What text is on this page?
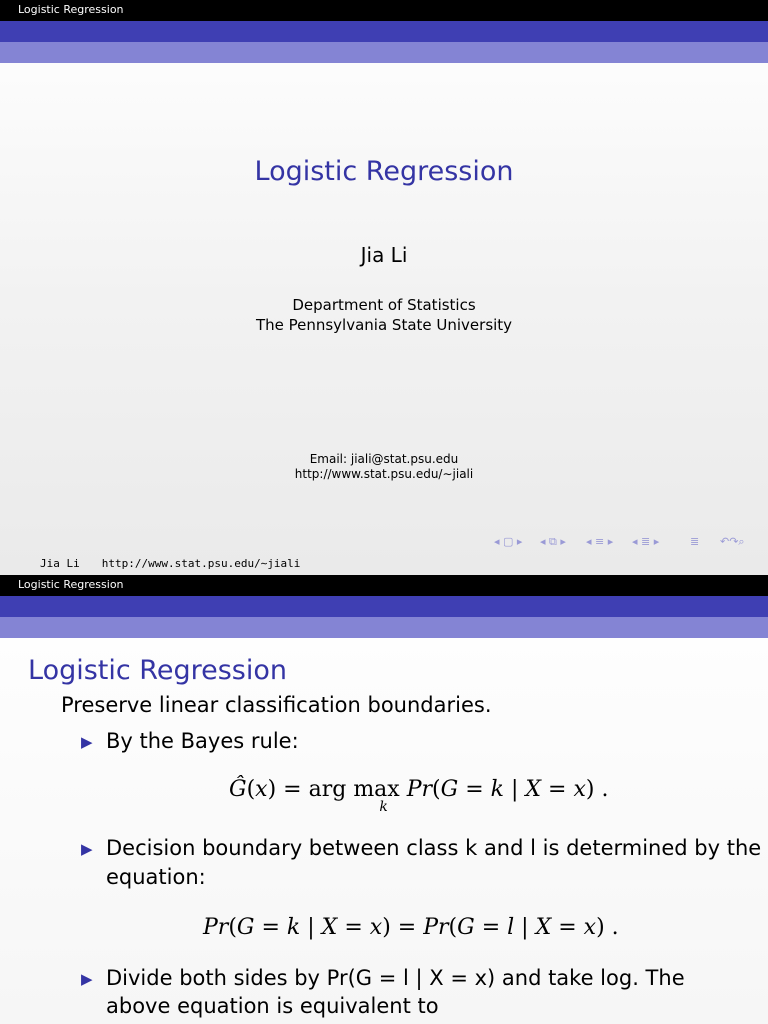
Logistic Regression
Logistic Regression
Jia Li
Department of Statistics
The Pennsylvania State University
Email: jiali@stat.psu.edu
http://www.stat.psu.edu/∼jiali
◂ ▢ ▸ ◂ ⧉ ▸ ◂ ≡ ▸ ◂ ≣ ▸	≣ ↶↷⌕
Jia Li http://www.stat.psu.edu/∼jiali
Logistic Regression
Logistic Regression
Preserve linear classification boundaries.
▶ By the Bayes rule:
Ĝ(x) = arg max
k
Pr(G = k | X = x) .
▶ Decision boundary between class k and l is determined by the
equation:
Pr(G = k | X = x) = Pr(G = l | X = x) .
▶ Divide both sides by Pr(G = l | X = x) and take log. The
above equation is equivalent to
